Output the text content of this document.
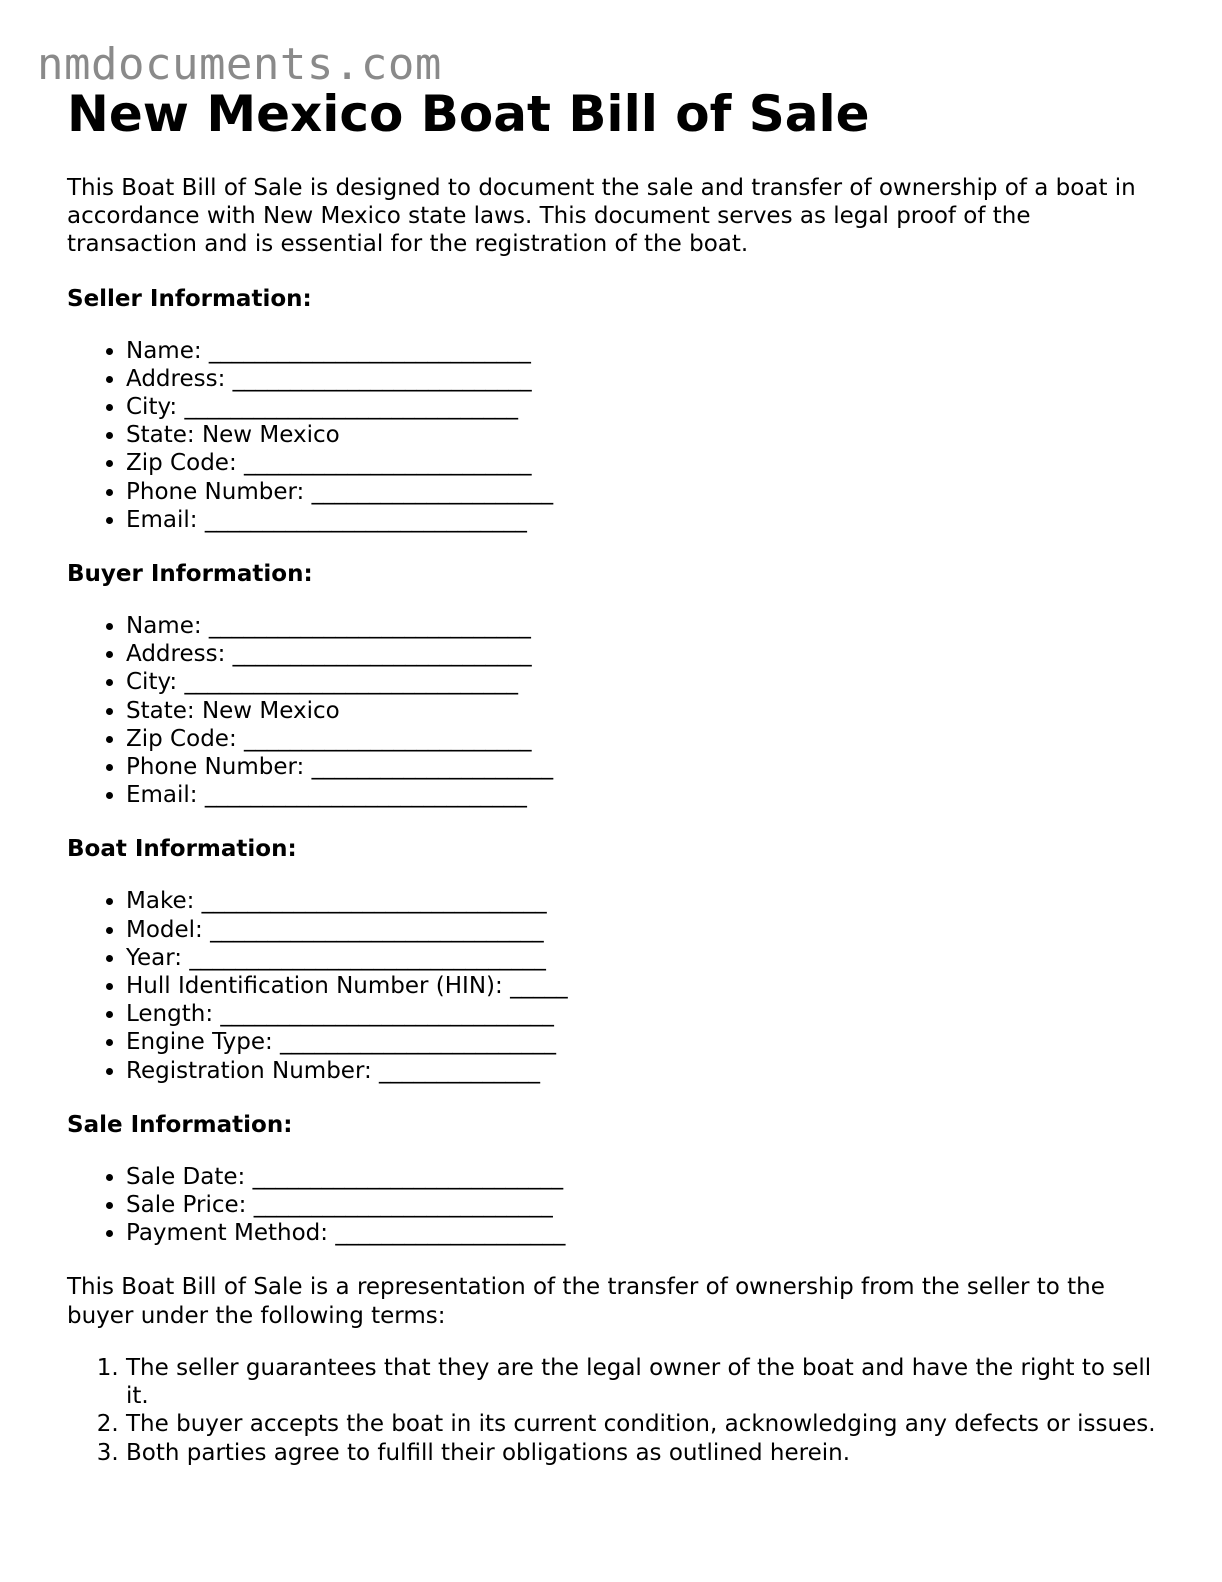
nmdocuments.com
New Mexico Boat Bill of Sale

This Boat Bill of Sale is designed to document the sale and transfer of ownership of a boat in accordance with New Mexico state laws. This document serves as legal proof of the transaction and is essential for the registration of the boat.

Seller Information:
• Name: ____________________________
• Address: __________________________
• City: _____________________________
• State: New Mexico
• Zip Code: _________________________
• Phone Number: _____________________
• Email: ____________________________
Buyer Information:
• Name: ____________________________
• Address: __________________________
• City: _____________________________
• State: New Mexico
• Zip Code: _________________________
• Phone Number: _____________________
• Email: ____________________________
Boat Information:
• Make: ______________________________
• Model: _____________________________
• Year: _______________________________
• Hull Identification Number (HIN): _____
• Length: _____________________________
• Engine Type: ________________________
• Registration Number: ______________
Sale Information:
• Sale Date: ___________________________
• Sale Price: __________________________
• Payment Method: ____________________

This Boat Bill of Sale is a representation of the transfer of ownership from the seller to the buyer under the following terms:

1. The seller guarantees that they are the legal owner of the boat and have the right to sell it.
2. The buyer accepts the boat in its current condition, acknowledging any defects or issues.
3. Both parties agree to fulfill their obligations as outlined herein.
